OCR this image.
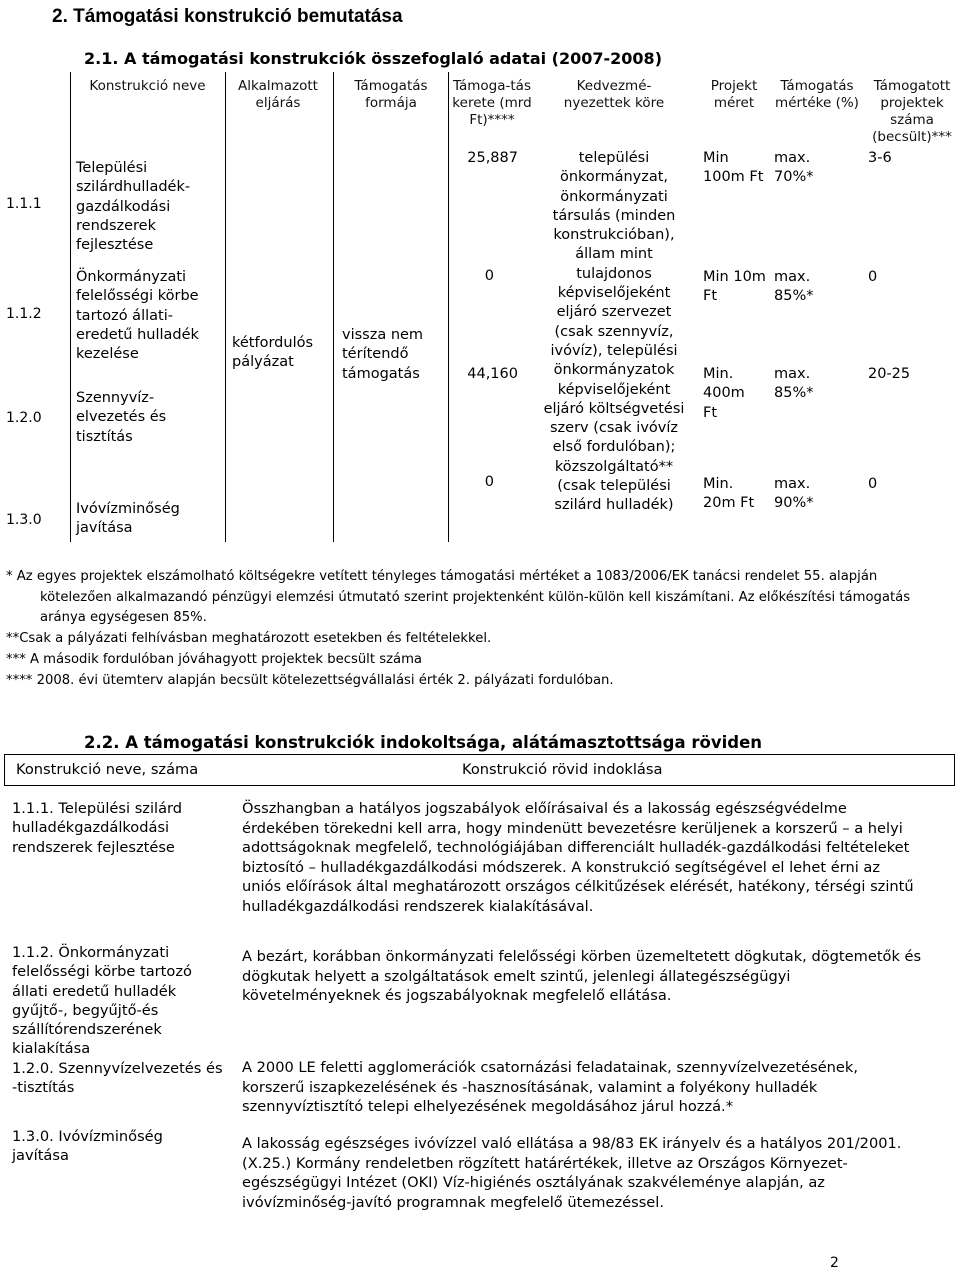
2. Támogatási konstrukció bemutatása
2.1. A támogatási konstrukciók összefoglaló adatai (2007-2008)
Konstrukció neve	Alkalmazott eljárás
Támogatás formája
Támoga-tás kerete (mrd Ft)****
Kedvezmé-nyezettek köre
Projekt méret
Támogatás mértéke (%)
Támogatott projektek száma (becsült)***
1.1.1
1.1.2
1.2.0
1.3.0
Települési szilárdhulladék-gazdálkodási rendszerek fejlesztése
Önkormányzati felelősségi körbe tartozó állati-eredetű hulladék kezelése
Szennyvíz-elvezetés és tisztítás
Ivóvízminőség javítása
kétfordulós pályázat
vissza nem térítendő támogatás
25,887
0
44,160
0
települési önkormányzat, önkormányzati társulás (minden konstrukcióban), állam mint tulajdonos képviselőjeként eljáró szervezet (csak szennyvíz, ivóvíz), települési önkormányzatok képviselőjeként eljáró költségvetési szerv (csak ivóvíz első fordulóban); közszolgáltató** (csak települési szilárd hulladék)
Min 100m Ft
Min 10m Ft
Min. 400m Ft
Min. 20m Ft
max. 70%*
max. 85%*
max. 85%*
max. 90%*
3-6
0
20-25
0
* Az egyes projektek elszámolható költségekre vetített tényleges támogatási mértéket a 1083/2006/EK tanácsi rendelet 55. alapján kötelezően alkalmazandó pénzügyi elemzési útmutató szerint projektenként külön-külön kell kiszámítani. Az előkészítési támogatás aránya egységesen 85%.
**Csak a pályázati felhívásban meghatározott esetekben és feltételekkel.
*** A második fordulóban jóváhagyott projektek becsült száma
**** 2008. évi ütemterv alapján becsült kötelezettségvállalási érték 2. pályázati fordulóban.
2.2. A támogatási konstrukciók indokoltsága, alátámasztottsága röviden
Konstrukció neve, száma	Konstrukció rövid indoklása
1.1.1. Települési szilárd hulladékgazdálkodási rendszerek fejlesztése
Összhangban a hatályos jogszabályok előírásaival és a lakosság egészségvédelme érdekében törekedni kell arra, hogy mindenütt bevezetésre kerüljenek a korszerű – a helyi adottságoknak megfelelő, technológiájában differenciált hulladék-gazdálkodási feltételeket biztosító – hulladékgazdálkodási módszerek. A konstrukció segítségével el lehet érni az uniós előírások által meghatározott országos célkitűzések elérését, hatékony, térségi szintű hulladékgazdálkodási rendszerek kialakításával.
1.1.2. Önkormányzati felelősségi körbe tartozó állati eredetű hulladék gyűjtő-, begyűjtő-és szállítórendszerének kialakítása
A bezárt, korábban önkormányzati felelősségi körben üzemeltetett dögkutak, dögtemetők és dögkutak helyett a szolgáltatások emelt szintű, jelenlegi állategészségügyi követelményeknek és jogszabályoknak megfelelő ellátása.
1.2.0. Szennyvízelvezetés és -tisztítás
A 2000 LE feletti agglomerációk csatornázási feladatainak, szennyvízelvezetésének, korszerű iszapkezelésének és -hasznosításának, valamint a folyékony hulladék szennyvíztisztító telepi elhelyezésének megoldásához járul hozzá.*
1.3.0. Ivóvízminőség javítása
A lakosság egészséges ivóvízzel való ellátása a 98/83 EK irányelv és a hatályos 201/2001. (X.25.) Kormány rendeletben rögzített határértékek, illetve az Országos Környezet-egészségügyi Intézet (OKI) Víz-higiénés osztályának szakvéleménye alapján, az ivóvízminőség-javító programnak megfelelő ütemezéssel.
2
